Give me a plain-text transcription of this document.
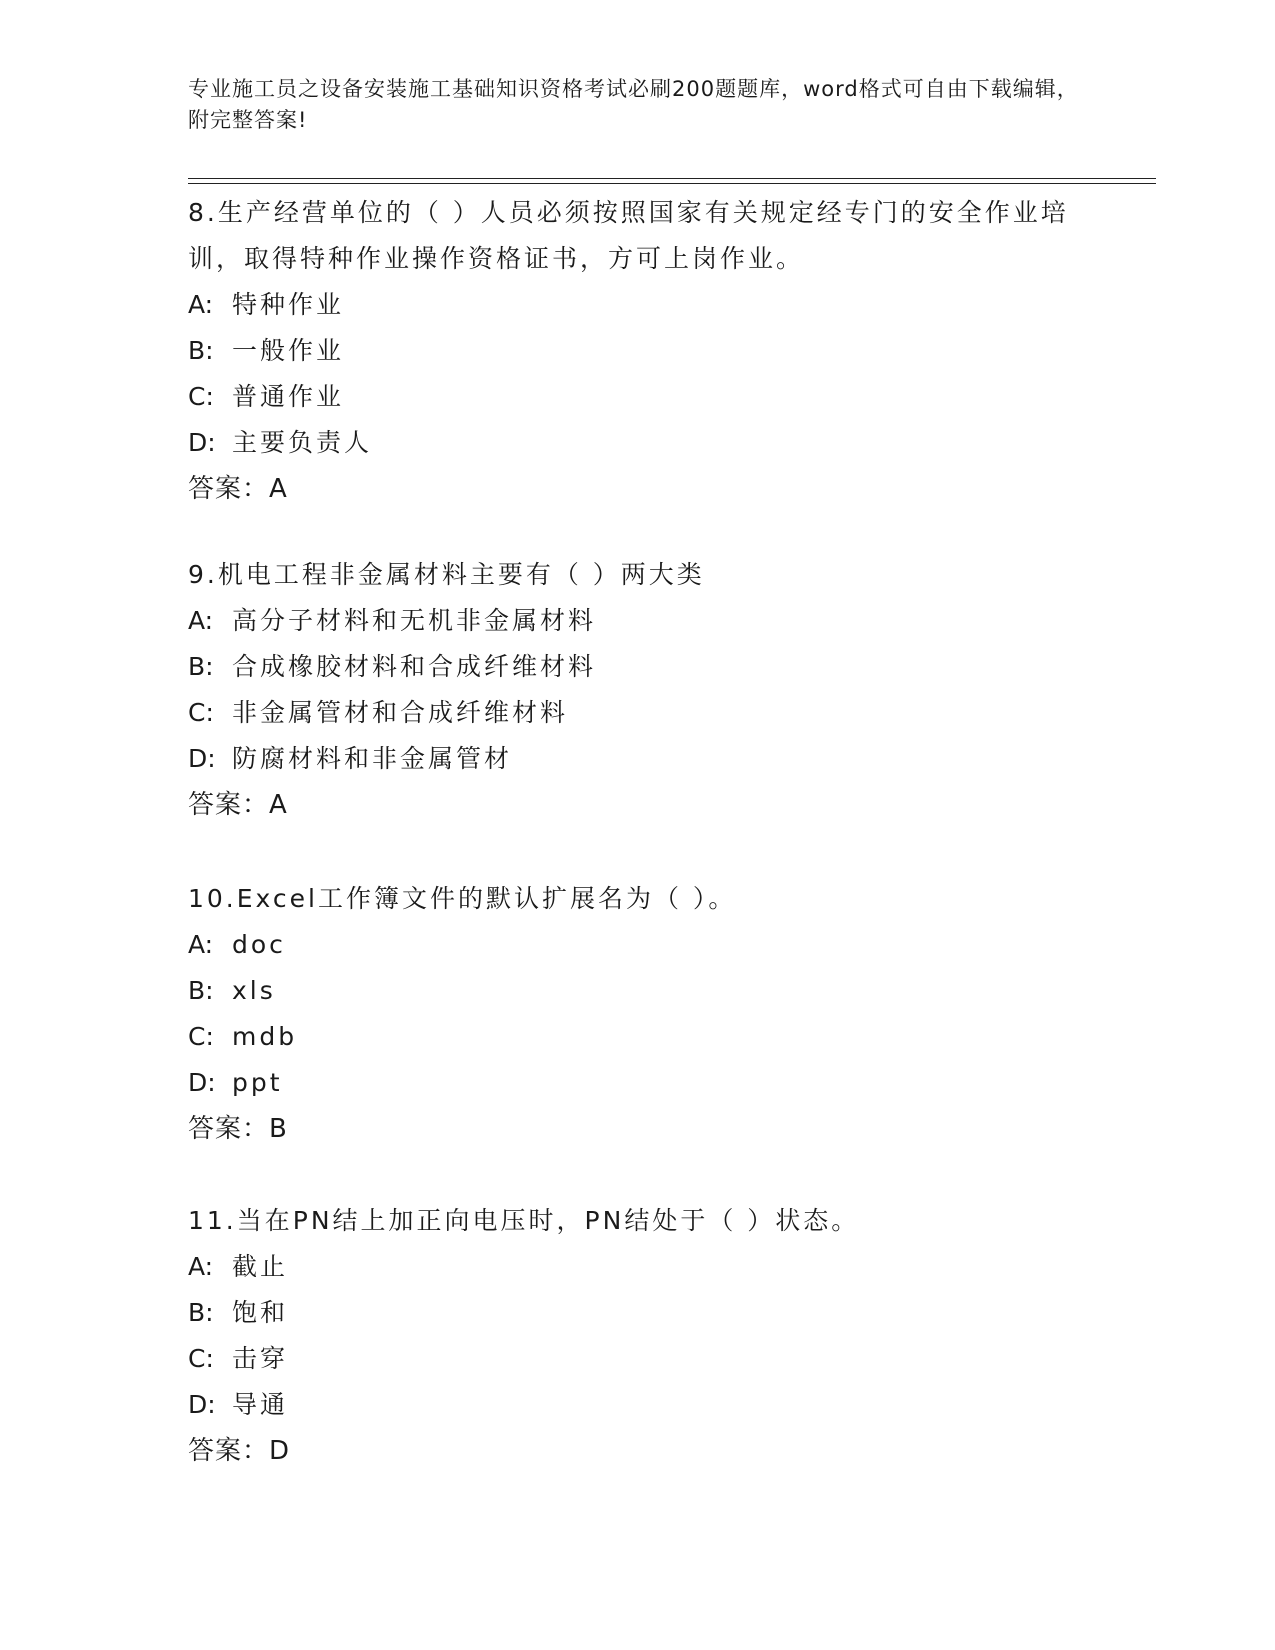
专业施工员之设备安装施工基础知识资格考试必刷200题题库，word格式可自由下载编辑，附完整答案!

8.生产经营单位的（ ）人员必须按照国家有关规定经专门的安全作业培训，取得特种作业操作资格证书，方可上岗作业。

A: 特种作业

B: 一般作业

C: 普通作业

D: 主要负责人

答案：A

9.机电工程非金属材料主要有（ ）两大类

A: 高分子材料和无机非金属材料

B: 合成橡胶材料和合成纤维材料

C: 非金属管材和合成纤维材料

D: 防腐材料和非金属管材

答案：A

10.Excel工作簿文件的默认扩展名为（ ）。

A: doc

B: xls

C: mdb

D: ppt

答案：B

11.当在PN结上加正向电压时，PN结处于（ ）状态。

A: 截止

B: 饱和

C: 击穿

D: 导通

答案：D
